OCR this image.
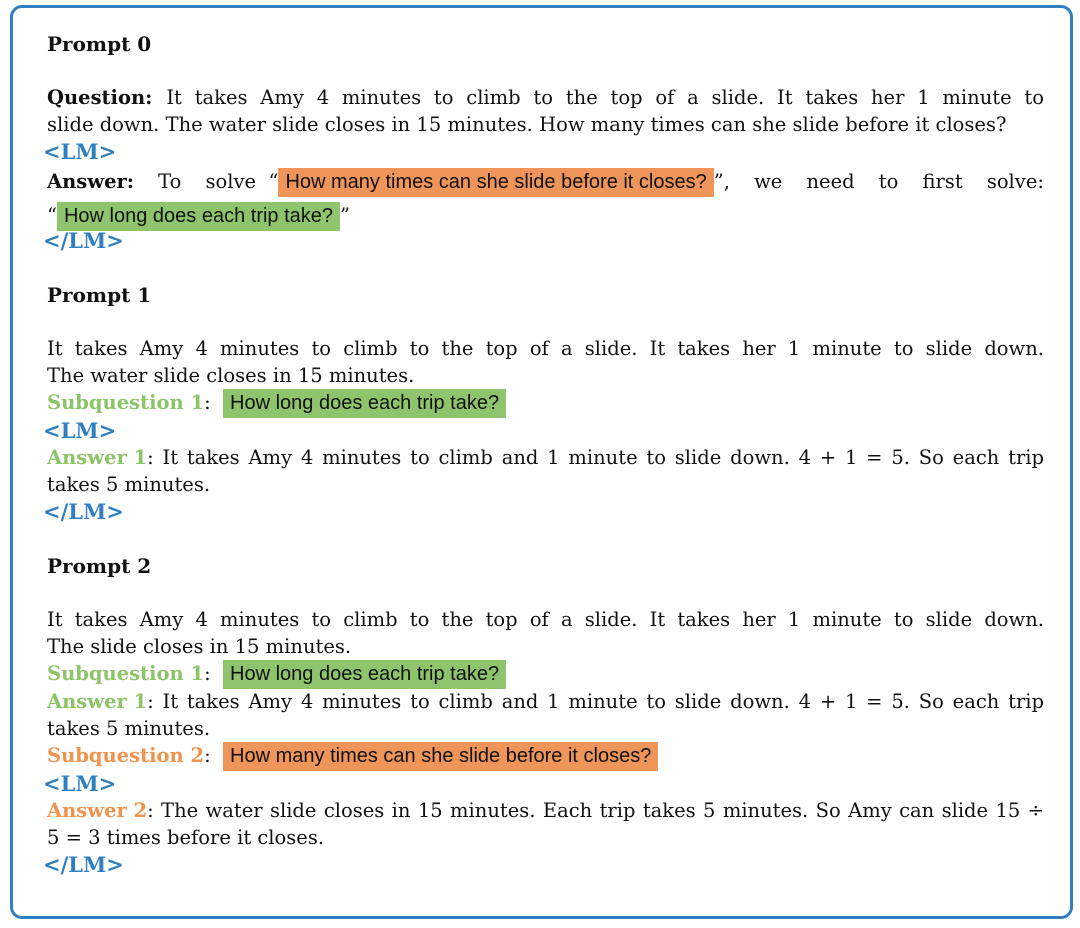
Prompt 0

Question: It takes Amy 4 minutes to climb to the top of a slide. It takes her 1 minute to

slide down. The water slide closes in 15 minutes. How many times can she slide before it closes?

<LM>
Answer: To solve “ How many times can she slide before it closes? ”, we need to first solve:

“ How long does each trip take? ”

</LM>

Prompt 1

It takes Amy 4 minutes to climb to the top of a slide. It takes her 1 minute to slide down.

The water slide closes in 15 minutes.

Subquestion 1: How long does each trip take?

<LM>
Answer 1 : It takes Amy 4 minutes to climb and 1 minute to slide down. 4 + 1 = 5. So each trip

takes 5 minutes.

</LM>

Prompt 2

It takes Amy 4 minutes to climb to the top of a slide. It takes her 1 minute to slide down.

The slide closes in 15 minutes.

Subquestion 1: How long does each trip take?

Answer 1 : It takes Amy 4 minutes to climb and 1 minute to slide down. 4 + 1 = 5. So each trip

takes 5 minutes.

Subquestion 2: How many times can she slide before it closes?

<LM>
Answer 2 : The water slide closes in 15 minutes. Each trip takes 5 minutes. So Amy can slide 15 ÷

5 = 3 times before it closes.

</LM>
